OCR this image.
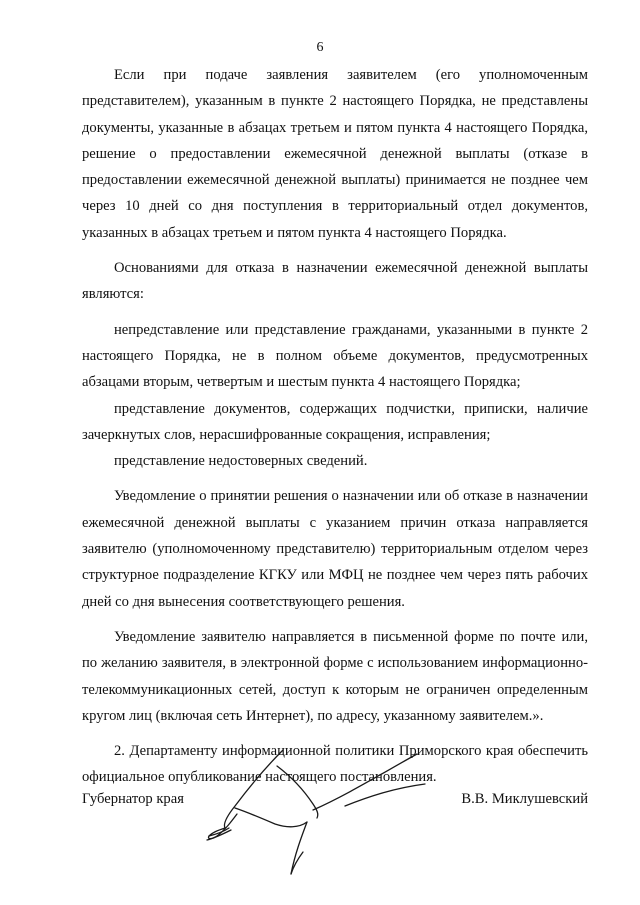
6

Если при подаче заявления заявителем (его уполномоченным представителем), указанным в пункте 2 настоящего Порядка, не представлены документы, указанные в абзацах третьем и пятом пункта 4 настоящего Порядка, решение о предоставлении ежемесячной денежной выплаты (отказе в предоставлении ежемесячной денежной выплаты) принимается не позднее чем через 10 дней со дня поступления в территориальный отдел документов, указанных в абзацах третьем и пятом пункта 4 настоящего Порядка.

Основаниями для отказа в назначении ежемесячной денежной выплаты являются:

непредставление или представление гражданами, указанными в пункте 2 настоящего Порядка, не в полном объеме документов, предусмотренных абзацами вторым, четвертым и шестым пункта 4 настоящего Порядка;

представление документов, содержащих подчистки, приписки, наличие зачеркнутых слов, нерасшифрованные сокращения, исправления;

представление недостоверных сведений.

Уведомление о принятии решения о назначении или об отказе в назначении ежемесячной денежной выплаты с указанием причин отказа направляется заявителю (уполномоченному представителю) территориальным отделом через структурное подразделение КГКУ или МФЦ не позднее чем через пять рабочих дней со дня вынесения соответствующего решения.

Уведомление заявителю направляется в письменной форме по почте или, по желанию заявителя, в электронной форме с использованием информационно-телекоммуникационных сетей, доступ к которым не ограничен определенным кругом лиц (включая сеть Интернет), по адресу, указанному заявителем.».

2. Департаменту информационной политики Приморского края обеспечить официальное опубликование настоящего постановления.

Губернатор края	В.В. Миклушевский
